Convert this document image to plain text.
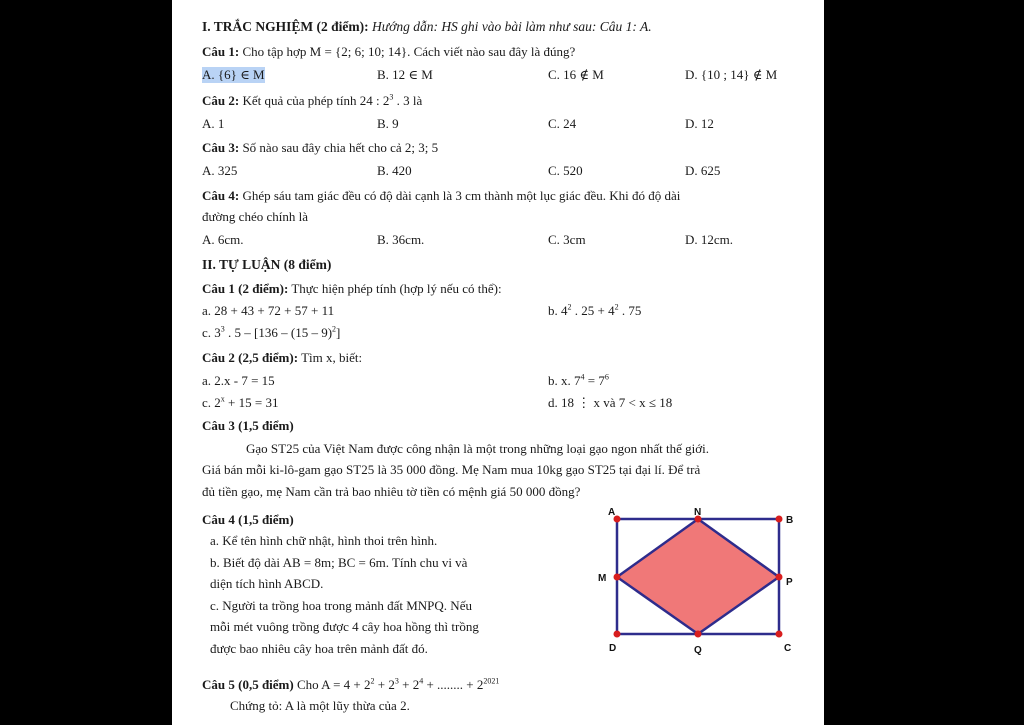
I. TRẮC NGHIỆM (2 điểm): Hướng dẫn: HS ghi vào bài làm như sau: Câu 1: A.
Câu 1: Cho tập hợp M = {2; 6; 10; 14}. Cách viết nào sau đây là đúng?
A. {6} ∈ M	B. 12 ∈ M	C. 16 ∉ M	D. {10 ; 14} ∉ M
Câu 2: Kết quả của phép tính 24 : $2^3$ . 3 là
A. 1	B. 9	C. 24	D. 12
Câu 3: Số nào sau đây chia hết cho cả 2; 3; 5
A. 325	B. 420	C. 520	D. 625
Câu 4: Ghép sáu tam giác đều có độ dài cạnh là 3 cm thành một lục giác đều. Khi đó độ dài
đường chéo chính là
A. 6cm.	B. 36cm.	C. 3cm	D. 12cm.
II. TỰ LUẬN (8 điểm)
Câu 1 (2 điểm): Thực hiện phép tính (hợp lý nếu có thể):
a. 28 + 43 + 72 + 57 + 11	b. $4^2$ . $25 + 4^2$ . 75
c. $3^3$ . 5 – [136 – (15 – 9)$^2$]
Câu 2 (2,5 điểm): Tìm x, biết:
a. 2.x - 7 = 15	b. x. $7^4 = 7^6$
c. $2^x + 15 = 31$	d. 18 ⋮ x và 7 < x ≤ 18
Câu 3 (1,5 điểm)
Gạo ST25 của Việt Nam được công nhận là một trong những loại gạo ngon nhất thế giới.
Giá bán mỗi ki-lô-gam gạo ST25 là 35 000 đồng. Mẹ Nam mua 10kg gạo ST25 tại đại lí. Để trả
đủ tiền gạo, mẹ Nam cần trả bao nhiêu tờ tiền có mệnh giá 50 000 đồng?
Câu 4 (1,5 điểm)
a. Kể tên hình chữ nhật, hình thoi trên hình.
b. Biết độ dài AB = 8m; BC = 6m. Tính chu vi và
diện tích hình ABCD.
c. Người ta trồng hoa trong mảnh đất MNPQ. Nếu
mỗi mét vuông trồng được 4 cây hoa hồng thì trồng
được bao nhiêu cây hoa trên mảnh đất đó.
Câu 5 (0,5 điểm) Cho $A = 4 + 2^2 + 2^3 + 2^4$ + ........ + $2^{2021}$
Chứng tỏ: A là một lũy thừa của 2.
A	N
B
M	P
D	Q	C
